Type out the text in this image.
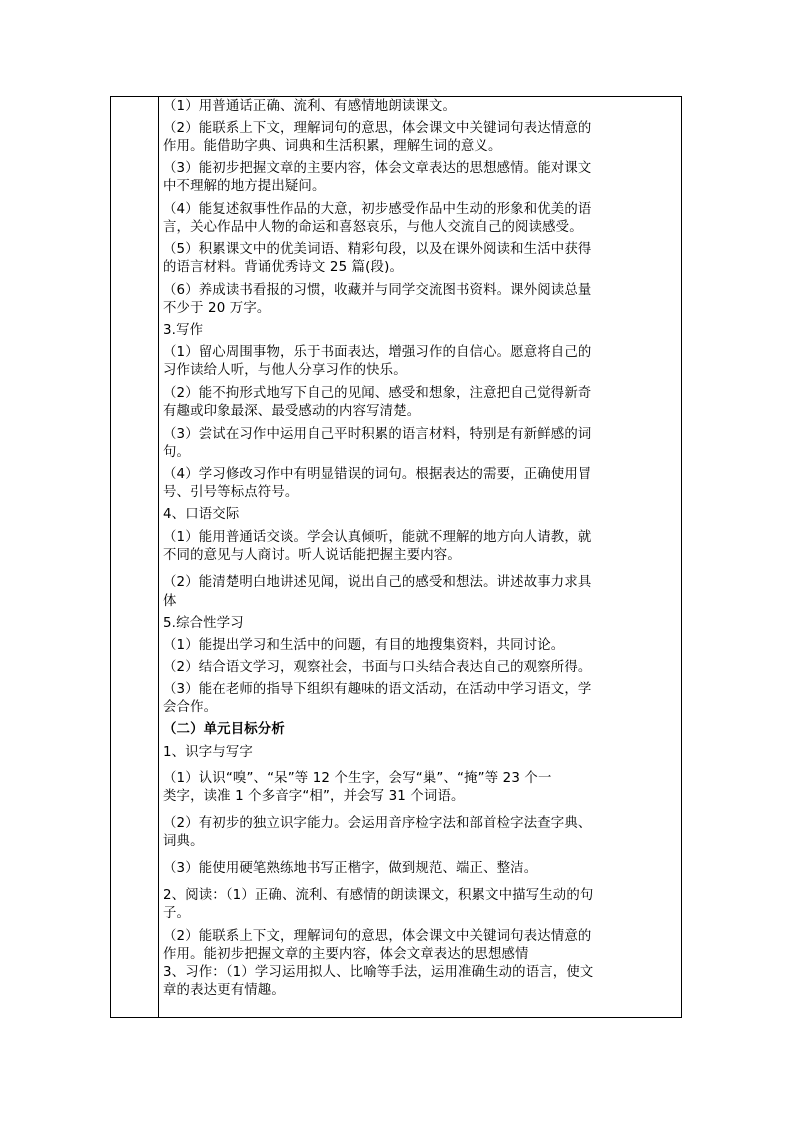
（1）用普通话正确、流利、有感情地朗读课文。
（2）能联系上下文，理解词句的意思，体会课文中关键词句表达情意的
作用。能借助字典、词典和生活积累，理解生词的意义。
（3）能初步把握文章的主要内容，体会文章表达的思想感情。能对课文
中不理解的地方提出疑问。
（4）能复述叙事性作品的大意，初步感受作品中生动的形象和优美的语
言，关心作品中人物的命运和喜怒哀乐，与他人交流自己的阅读感受。
（5）积累课文中的优美词语、精彩句段，以及在课外阅读和生活中获得
的语言材料。背诵优秀诗文 25 篇(段)。
（6）养成读书看报的习惯，收藏并与同学交流图书资料。课外阅读总量
不少于 20 万字。
3.写作
（1）留心周围事物，乐于书面表达，增强习作的自信心。愿意将自己的
习作读给人听，与他人分享习作的快乐。
（2）能不拘形式地写下自己的见闻、感受和想象，注意把自己觉得新奇
有趣或印象最深、最受感动的内容写清楚。
（3）尝试在习作中运用自己平时积累的语言材料，特别是有新鲜感的词
句。
（4）学习修改习作中有明显错误的词句。根据表达的需要，正确使用冒
号、引号等标点符号。
4、口语交际
（1）能用普通话交谈。学会认真倾听，能就不理解的地方向人请教，就
不同的意见与人商讨。听人说话能把握主要内容。
（2）能清楚明白地讲述见闻，说出自己的感受和想法。讲述故事力求具
体
5.综合性学习
（1）能提出学习和生活中的问题，有目的地搜集资料，共同讨论。
（2）结合语文学习，观察社会，书面与口头结合表达自己的观察所得。
（3）能在老师的指导下组织有趣味的语文活动，在活动中学习语文，学
会合作。
（二）单元目标分析
1、识字与写字
（1）认识“嗅”、“呆”等 12 个生字，会写“巢”、“掩”等 23 个一
类字，读准 1 个多音字“相”，并会写 31 个词语。
（2）有初步的独立识字能力。会运用音序检字法和部首检字法查字典、
词典。
（3）能使用硬笔熟练地书写正楷字，做到规范、端正、整洁。
2、阅读：（1）正确、流利、有感情的朗读课文，积累文中描写生动的句
子。
（2）能联系上下文，理解词句的意思，体会课文中关键词句表达情意的
作用。能初步把握文章的主要内容，体会文章表达的思想感情
3、习作：（1）学习运用拟人、比喻等手法，运用准确生动的语言，使文
章的表达更有情趣。
